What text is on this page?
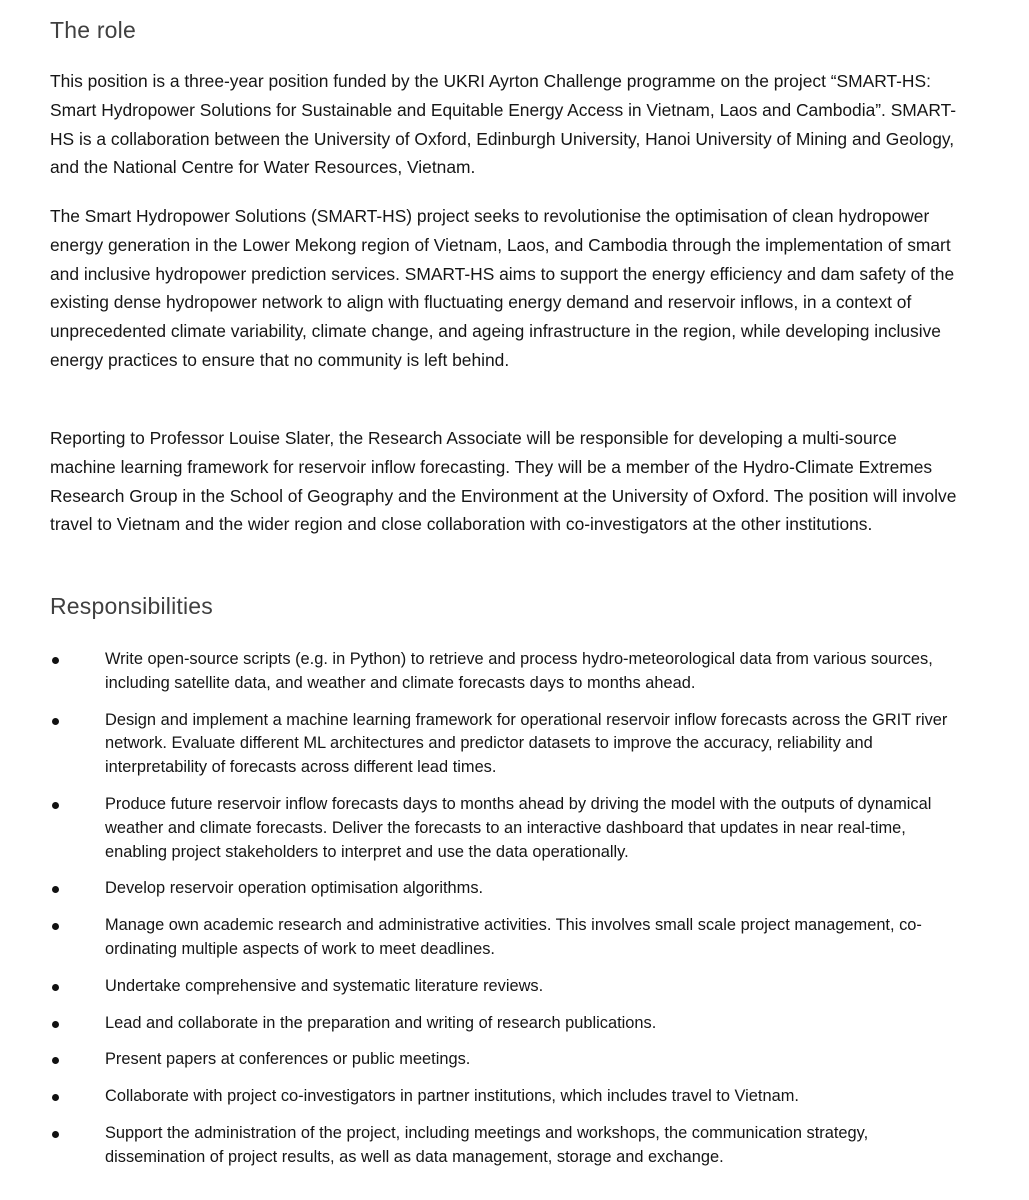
The role

This position is a three-year position funded by the UKRI Ayrton Challenge programme on the project “SMART-HS: Smart Hydropower Solutions for Sustainable and Equitable Energy Access in Vietnam, Laos and Cambodia”. SMART-HS is a collaboration between the University of Oxford, Edinburgh University, Hanoi University of Mining and Geology, and the National Centre for Water Resources, Vietnam.

The Smart Hydropower Solutions (SMART-HS) project seeks to revolutionise the optimisation of clean hydropower energy generation in the Lower Mekong region of Vietnam, Laos, and Cambodia through the implementation of smart and inclusive hydropower prediction services. SMART-HS aims to support the energy efficiency and dam safety of the existing dense hydropower network to align with fluctuating energy demand and reservoir inflows, in a context of unprecedented climate variability, climate change, and ageing infrastructure in the region, while developing inclusive energy practices to ensure that no community is left behind.

Reporting to Professor Louise Slater, the Research Associate will be responsible for developing a multi-source machine learning framework for reservoir inflow forecasting. They will be a member of the Hydro-Climate Extremes Research Group in the School of Geography and the Environment at the University of Oxford. The position will involve travel to Vietnam and the wider region and close collaboration with co-investigators at the other institutions.

Responsibilities
Write open-source scripts (e.g. in Python) to retrieve and process hydro-meteorological data from various sources, including satellite data, and weather and climate forecasts days to months ahead.
Design and implement a machine learning framework for operational reservoir inflow forecasts across the GRIT river network. Evaluate different ML architectures and predictor datasets to improve the accuracy, reliability and interpretability of forecasts across different lead times.
Produce future reservoir inflow forecasts days to months ahead by driving the model with the outputs of dynamical weather and climate forecasts. Deliver the forecasts to an interactive dashboard that updates in near real-time, enabling project stakeholders to interpret and use the data operationally.
Develop reservoir operation optimisation algorithms.
Manage own academic research and administrative activities. This involves small scale project management, co-ordinating multiple aspects of work to meet deadlines.
Undertake comprehensive and systematic literature reviews.
Lead and collaborate in the preparation and writing of research publications.
Present papers at conferences or public meetings.
Collaborate with project co-investigators in partner institutions, which includes travel to Vietnam.
Support the administration of the project, including meetings and workshops, the communication strategy, dissemination of project results, as well as data management, storage and exchange.
